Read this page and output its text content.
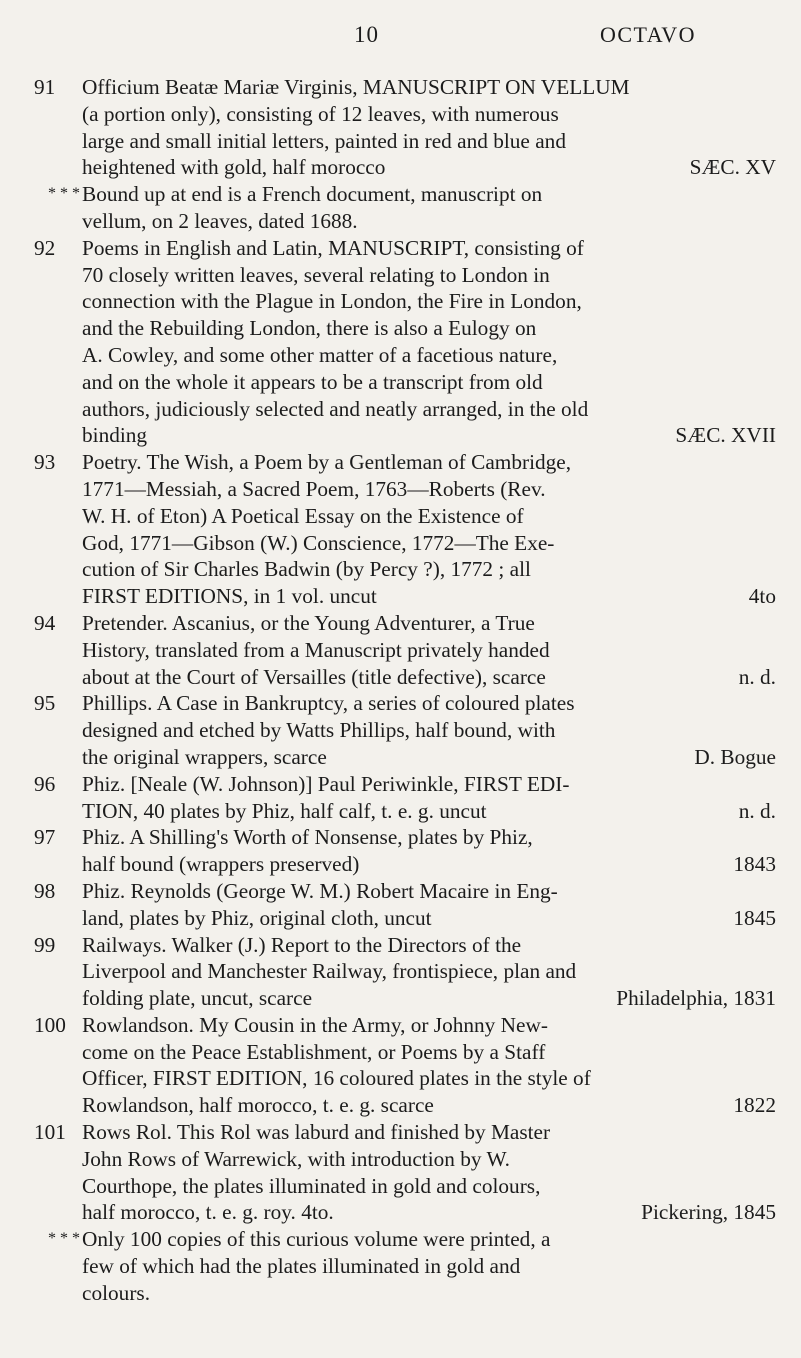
10	OCTAVO
91	Officium Beatæ Mariæ Virginis, MANUSCRIPT ON VELLUM
(a portion only), consisting of 12 leaves, with numerous
large and small initial letters, painted in red and blue and
heightened with gold, half morocco	SÆC. XV
* * * Bound up at end is a French document, manuscript on
vellum, on 2 leaves, dated 1688.
92	Poems in English and Latin, MANUSCRIPT, consisting of
70 closely written leaves, several relating to London in
connection with the Plague in London, the Fire in London,
and the Rebuilding London, there is also a Eulogy on
A. Cowley, and some other matter of a facetious nature,
and on the whole it appears to be a transcript from old
authors, judiciously selected and neatly arranged, in the old
binding	SÆC. XVII
93	Poetry. The Wish, a Poem by a Gentleman of Cambridge,
1771—Messiah, a Sacred Poem, 1763—Roberts (Rev.
W. H. of Eton) A Poetical Essay on the Existence of
God, 1771—Gibson (W.) Conscience, 1772—The Exe-
cution of Sir Charles Badwin (by Percy ?), 1772 ; all
FIRST EDITIONS, in 1 vol. uncut	4to
94	Pretender. Ascanius, or the Young Adventurer, a True
History, translated from a Manuscript privately handed
about at the Court of Versailles (title defective), scarce	n. d.
95	Phillips. A Case in Bankruptcy, a series of coloured plates
designed and etched by Watts Phillips, half bound, with
the original wrappers, scarce	D. Bogue
96	Phiz. [Neale (W. Johnson)] Paul Periwinkle, FIRST EDI-
TION, 40 plates by Phiz, half calf, t. e. g. uncut	n. d.
97	Phiz. A Shilling's Worth of Nonsense, plates by Phiz,
half bound (wrappers preserved)	1843
98	Phiz. Reynolds (George W. M.) Robert Macaire in Eng-
land, plates by Phiz, original cloth, uncut	1845
99	Railways. Walker (J.) Report to the Directors of the
Liverpool and Manchester Railway, frontispiece, plan and
folding plate, uncut, scarce	Philadelphia, 1831
100 Rowlandson. My Cousin in the Army, or Johnny New-
come on the Peace Establishment, or Poems by a Staff
Officer, FIRST EDITION, 16 coloured plates in the style of
Rowlandson, half morocco, t. e. g. scarce	1822
101 Rows Rol. This Rol was laburd and finished by Master
John Rows of Warrewick, with introduction by W.
Courthope, the plates illuminated in gold and colours,
half morocco, t. e. g. roy. 4to.	Pickering, 1845
* * * Only 100 copies of this curious volume were printed, a
few of which had the plates illuminated in gold and
colours.
